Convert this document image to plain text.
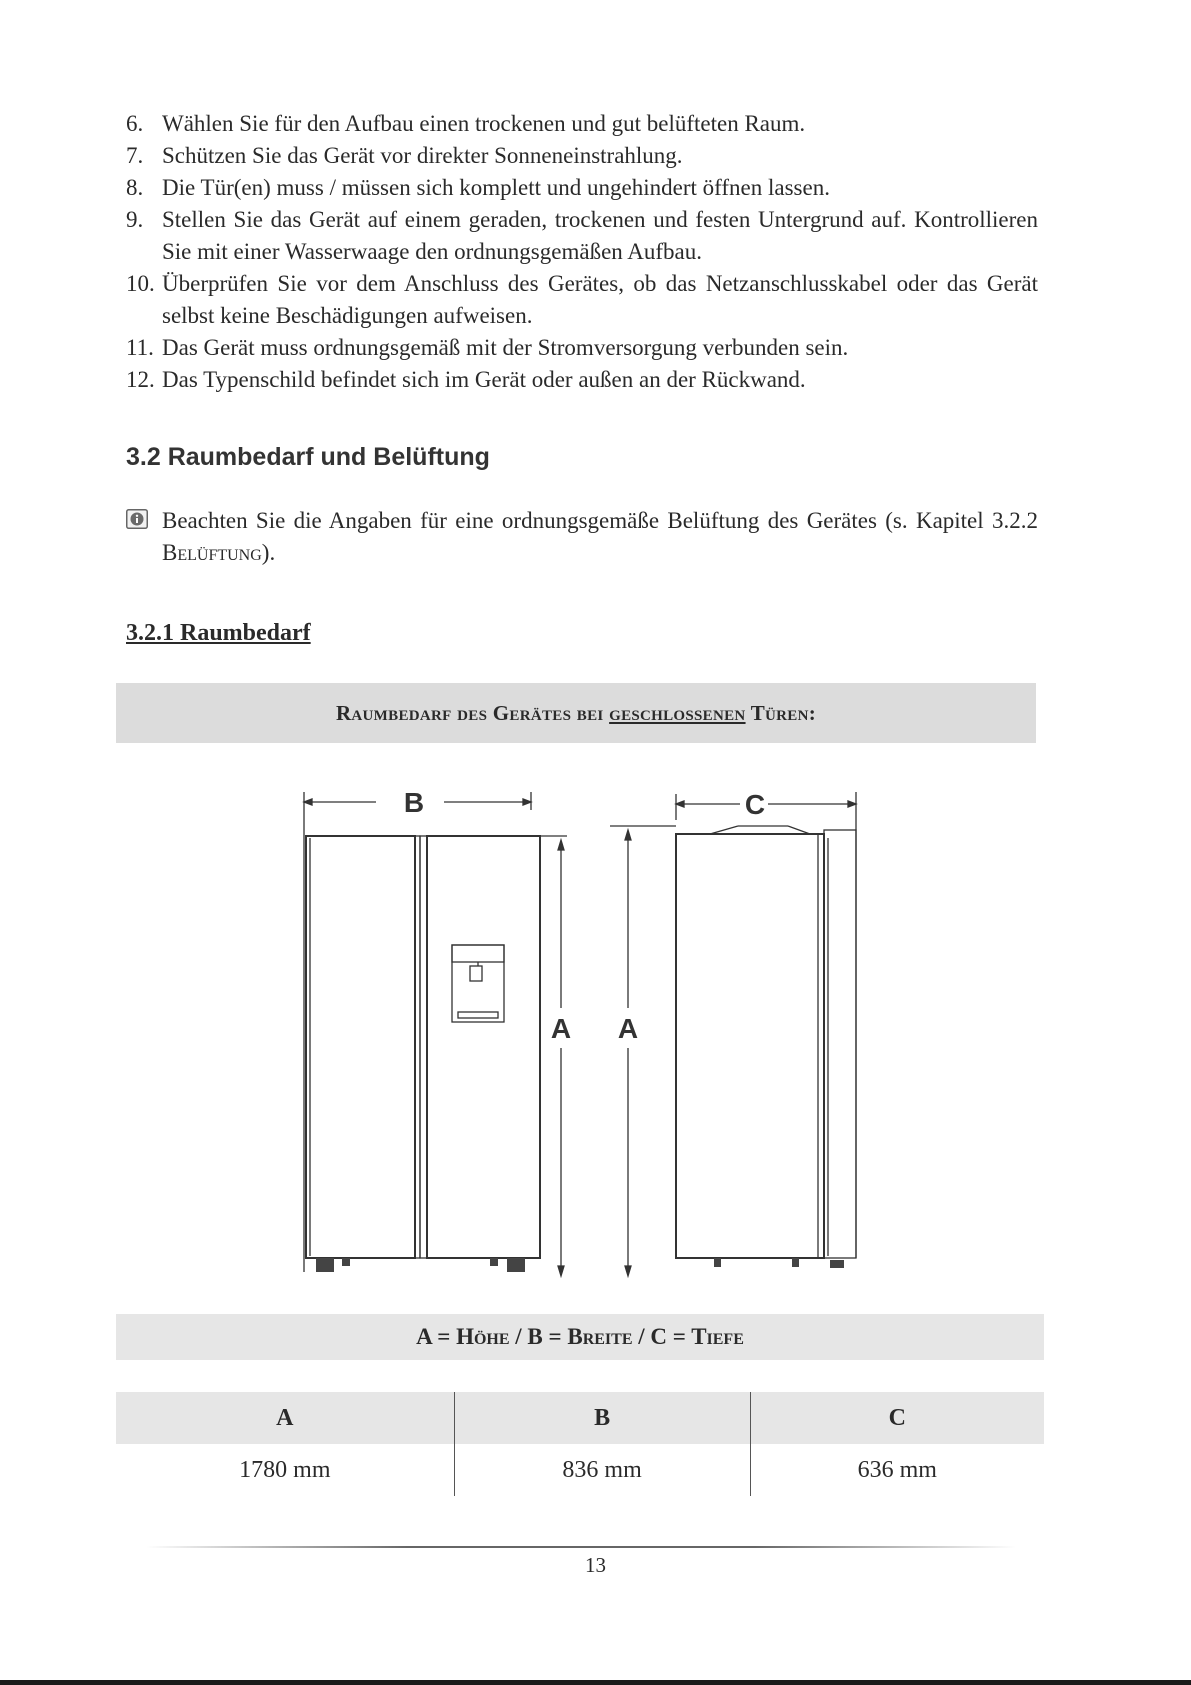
6. Wählen Sie für den Aufbau einen trockenen und gut belüfteten Raum.
7. Schützen Sie das Gerät vor direkter Sonneneinstrahlung.
8. Die Tür(en) muss / müssen sich komplett und ungehindert öffnen lassen.
9. Stellen Sie das Gerät auf einem geraden, trockenen und festen Untergrund auf. Kontrollieren Sie mit einer Wasserwaage den ordnungsgemäßen Aufbau.
10. Überprüfen Sie vor dem Anschluss des Gerätes, ob das Netzanschlusskabel oder das Gerät selbst keine Beschädigungen aufweisen.
11. Das Gerät muss ordnungsgemäß mit der Stromversorgung verbunden sein.
12. Das Typenschild befindet sich im Gerät oder außen an der Rückwand.
3.2 Raumbedarf und Belüftung
Beachten Sie die Angaben für eine ordnungsgemäße Belüftung des Gerätes (s. Kapitel 3.2.2 Belüftung).
3.2.1 Raumbedarf
Raumbedarf des Gerätes bei geschlossenen Türen:
B	C
A A
A = Höhe / B = Breite / C = Tiefe
A	B	C
1780 mm	836 mm	636 mm
13
